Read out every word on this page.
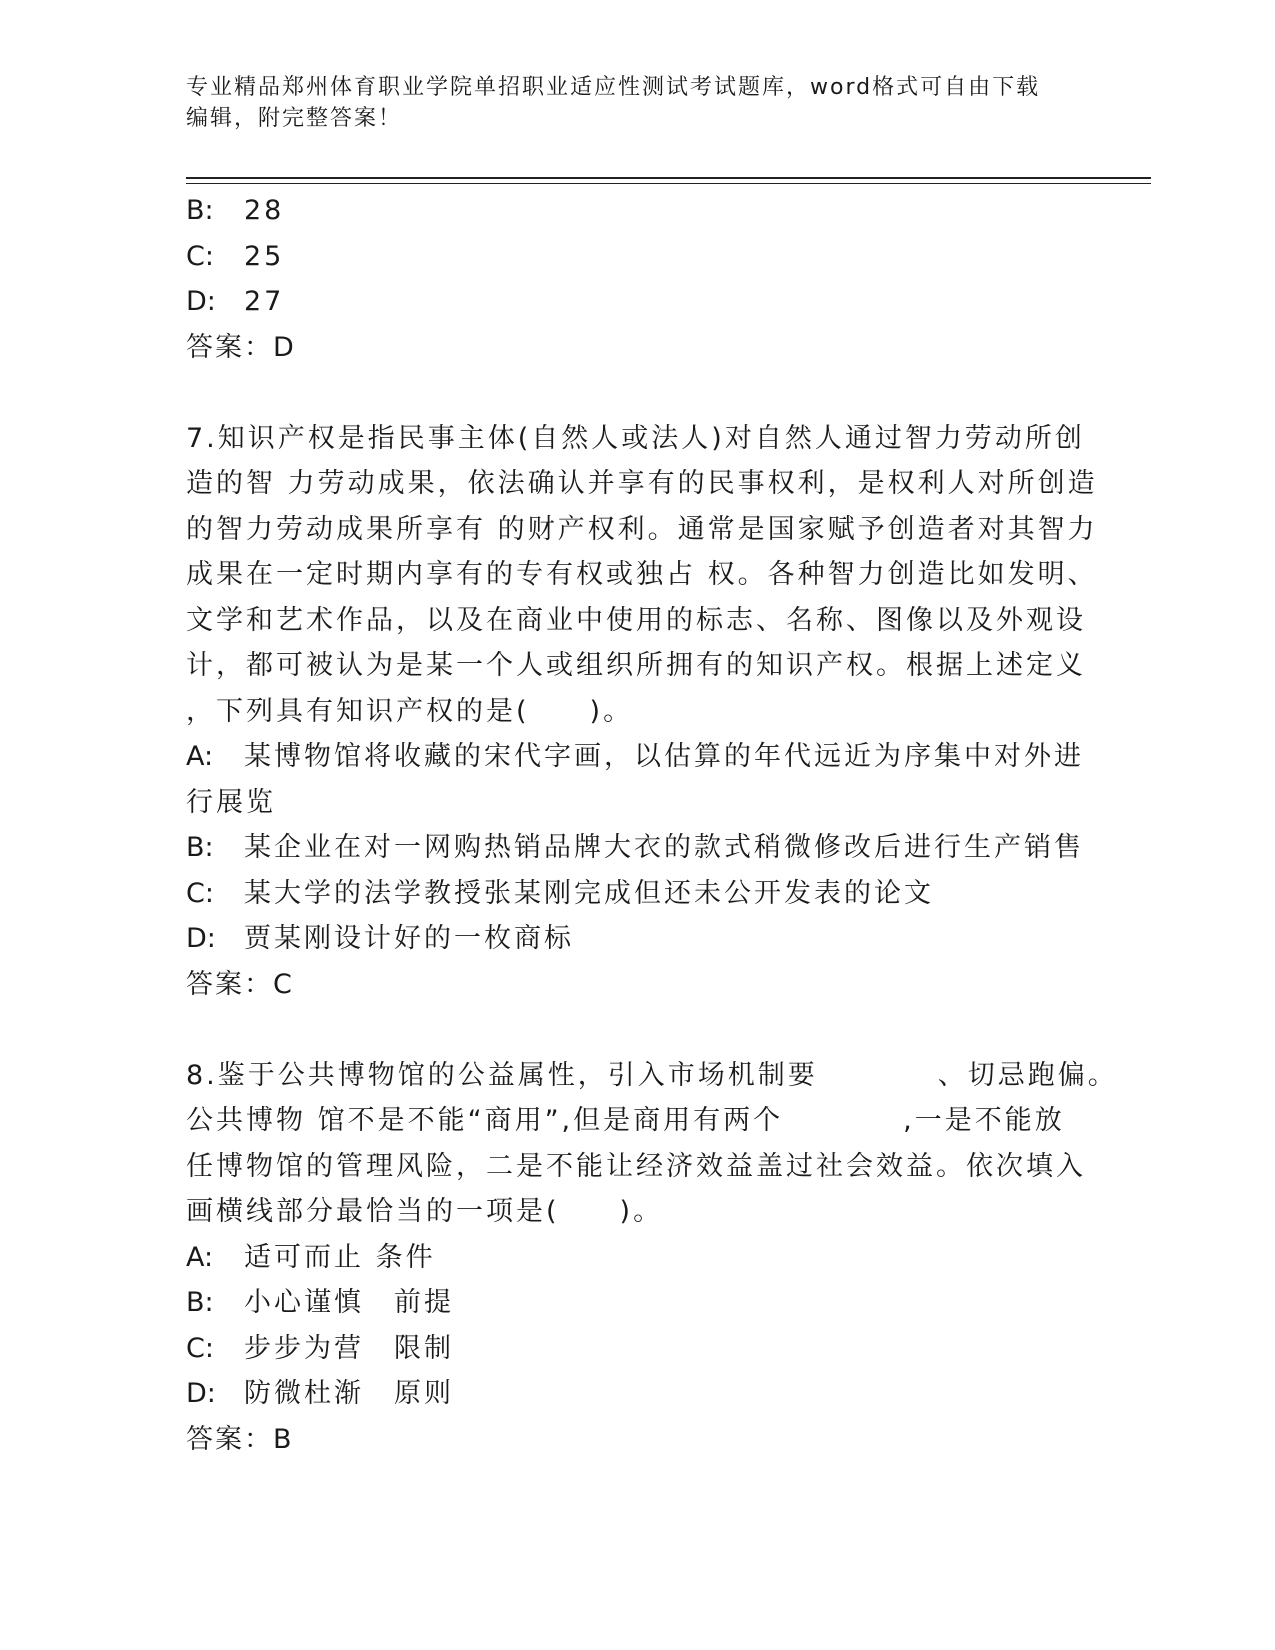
专业精品郑州体育职业学院单招职业适应性测试考试题库，word格式可自由下载
编辑，附完整答案！
B: 28
C: 25
D: 27
答案：D
7.知识产权是指民事主体(自然人或法人)对自然人通过智力劳动所创
造的智 力劳动成果，依法确认并享有的民事权利，是权利人对所创造
的智力劳动成果所享有 的财产权利。通常是国家赋予创造者对其智力
成果在一定时期内享有的专有权或独占 权。各种智力创造比如发明、
文学和艺术作品，以及在商业中使用的标志、名称、图像以及外观设
计，都可被认为是某一个人或组织所拥有的知识产权。根据上述定义
，下列具有知识产权的是(　　)。
A: 某博物馆将收藏的宋代字画，以估算的年代远近为序集中对外进
行展览
B: 某企业在对一网购热销品牌大衣的款式稍微修改后进行生产销售
C: 某大学的法学教授张某刚完成但还未公开发表的论文
D: 贾某刚设计好的一枚商标
答案：C
8.鉴于公共博物馆的公益属性，引入市场机制要　　　　、切忌跑偏。
公共博物 馆不是不能“商用”,但是商用有两个　　　　,一是不能放
任博物馆的管理风险，二是不能让经济效益盖过社会效益。依次填入
画横线部分最恰当的一项是(　　)。
A: 适可而止 条件
B: 小心谨慎　前提
C: 步步为营　限制
D: 防微杜渐　原则
答案：B
